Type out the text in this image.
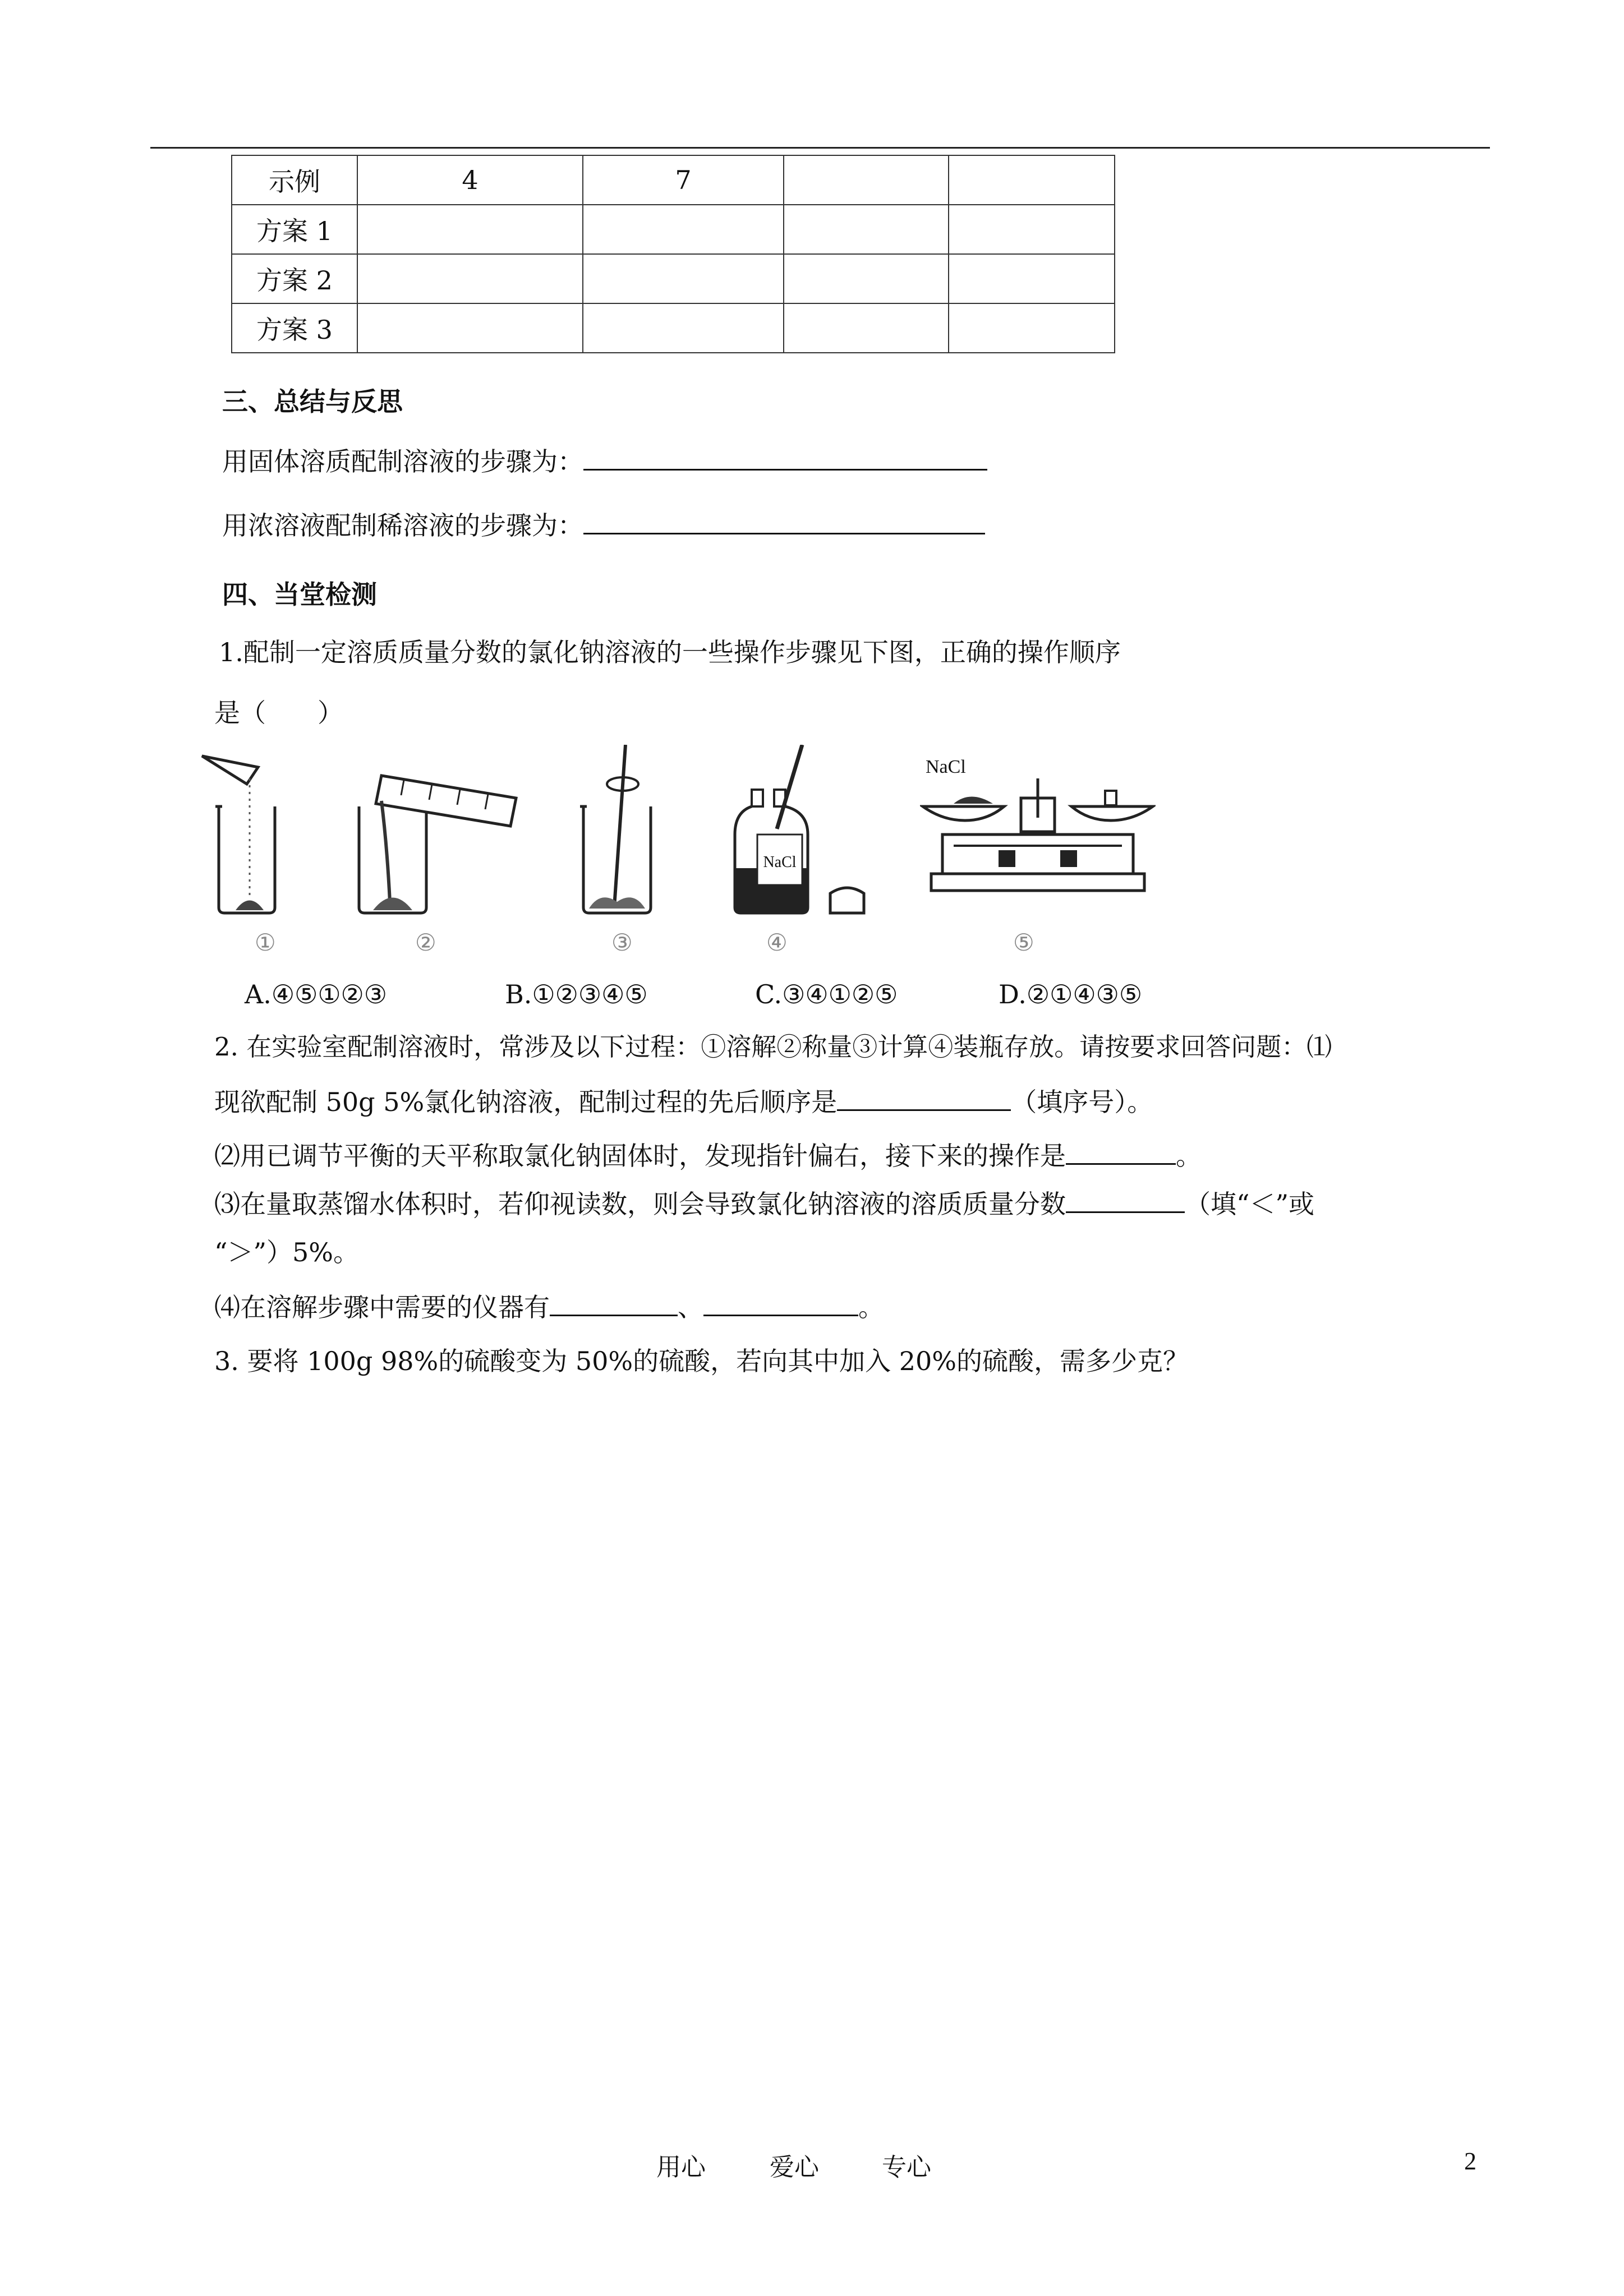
示例	4	7		
方案 1				
方案 2				
方案 3				
三、总结与反思
用固体溶质配制溶液的步骤为：
用浓溶液配制稀溶液的步骤为：
四、当堂检测
1.配制一定溶质质量分数的氯化钠溶液的一些操作步骤见下图，正确的操作顺序
是（　　）
①	②	③
NaCl
④
NaCl
⑤
A.④⑤①②③	B.①②③④⑤	C.③④①②⑤	D.②①④③⑤
2. 在实验室配制溶液时，常涉及以下过程：①溶解②称量③计算④装瓶存放。请按要求回答问题：⑴
现欲配制 50g 5%氯化钠溶液，配制过程的先后顺序是	（填序号）。
⑵用已调节平衡的天平称取氯化钠固体时，发现指针偏右，接下来的操作是	。
⑶在量取蒸馏水体积时，若仰视读数，则会导致氯化钠溶液的溶质质量分数	（填“＜”或
“＞”）5%。
⑷在溶解步骤中需要的仪器有	、	。
3. 要将 100g 98%的硫酸变为 50%的硫酸，若向其中加入 20%的硫酸，需多少克？
用心	爱心	专心	2
